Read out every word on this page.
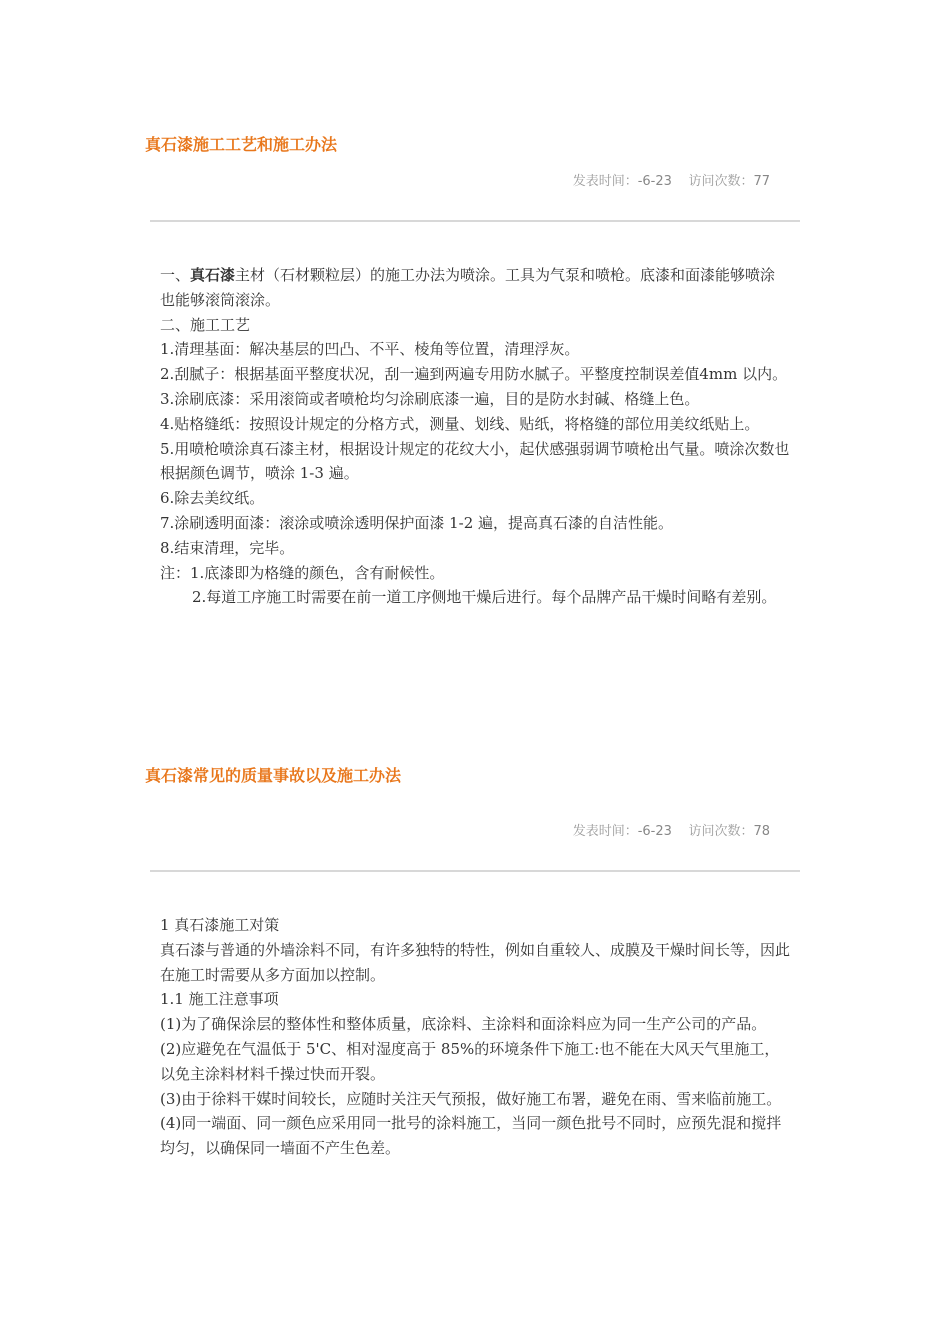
真石漆施工工艺和施工办法
发表时间：-6-23 访问次数：77

一、真石漆主材（石材颗粒层）的施工办法为喷涂。工具为气泵和喷枪。底漆和面漆能够喷涂也能够滚筒滚涂。

二、施工工艺

1.清理基面：解决基层的凹凸、不平、棱角等位置，清理浮灰。

2.刮腻子：根据基面平整度状况，刮一遍到两遍专用防水腻子。平整度控制误差值4mm 以内。

3.涂刷底漆：采用滚筒或者喷枪均匀涂刷底漆一遍，目的是防水封碱、格缝上色。

4.贴格缝纸：按照设计规定的分格方式，测量、划线、贴纸，将格缝的部位用美纹纸贴上。

5.用喷枪喷涂真石漆主材，根据设计规定的花纹大小，起伏感强弱调节喷枪出气量。喷涂次数也根据颜色调节，喷涂 1-3 遍。

6.除去美纹纸。

7.涂刷透明面漆：滚涂或喷涂透明保护面漆 1-2 遍，提高真石漆的自洁性能。

8.结束清理，完毕。

注：1.底漆即为格缝的颜色，含有耐候性。

2.每道工序施工时需要在前一道工序侧地干燥后进行。每个品牌产品干燥时间略有差别。

真石漆常见的质量事故以及施工办法
发表时间：-6-23 访问次数：78

1 真石漆施工对策

真石漆与普通的外墙涂料不同，有许多独特的特性，例如自重较人、成膜及干燥时间长等，因此在施工时需要从多方面加以控制。

1.1 施工注意事项

(1)为了确保涂层的整体性和整体质量，底涂料、主涂料和面涂料应为同一生产公司的产品。

(2)应避免在气温低于 5'C、相对湿度高于 85%的环境条件下施工:也不能在大风天气里施工，以免主涂料材料千操过快而开裂。

(3)由于徐料干媒时间较长，应随时关注天气预报，做好施工布署，避免在雨、雪来临前施工。

(4)同一端面、同一颜色应采用同一批号的涂料施工，当同一颜色批号不同时，应预先混和搅拌均匀，以确保同一墙面不产生色差。
